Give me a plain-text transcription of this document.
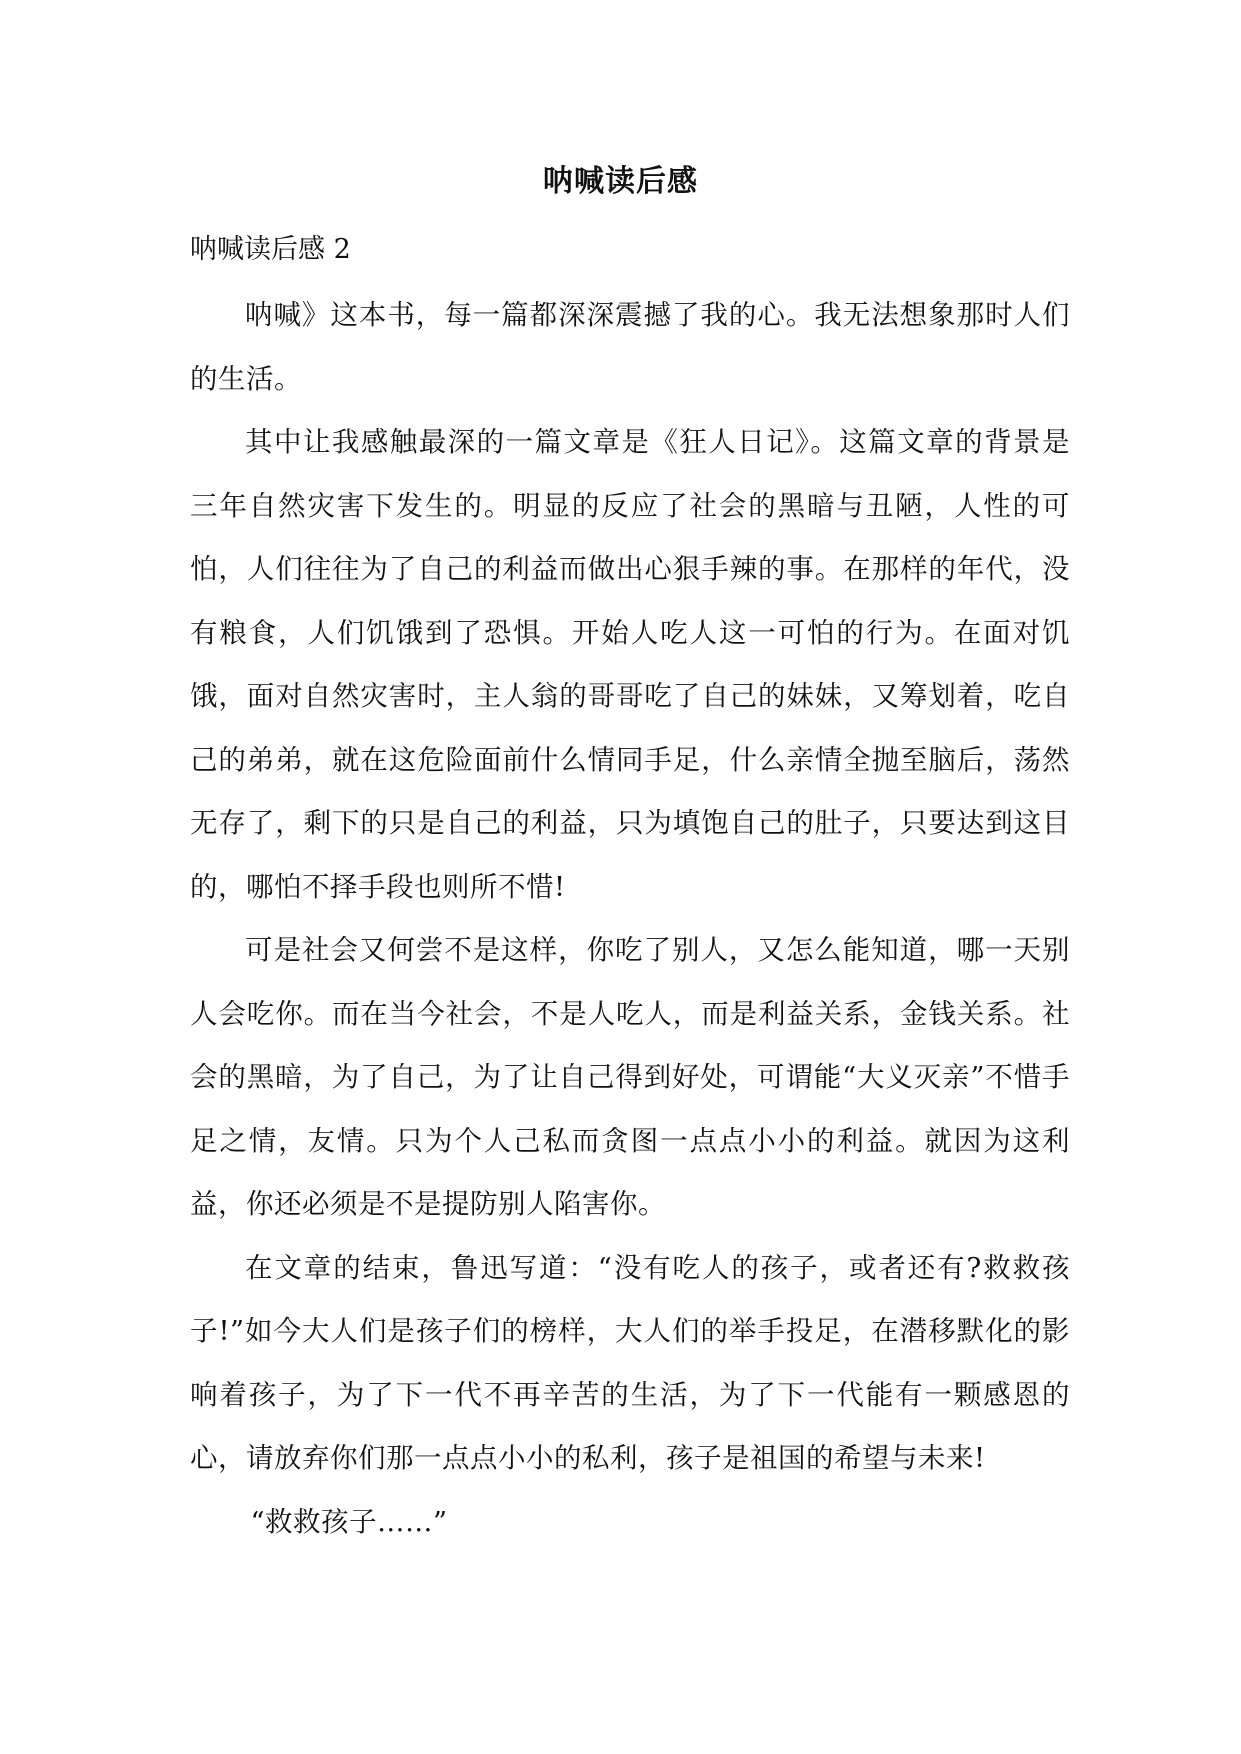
呐喊读后感
呐喊读后感 2

呐喊》这本书，每一篇都深深震撼了我的心。我无法想象那时人们的生活。

其中让我感触最深的一篇文章是《狂人日记》。这篇文章的背景是三年自然灾害下发生的。明显的反应了社会的黑暗与丑陋，人性的可怕，人们往往为了自己的利益而做出心狠手辣的事。在那样的年代，没有粮食，人们饥饿到了恐惧。开始人吃人这一可怕的行为。在面对饥饿，面对自然灾害时，主人翁的哥哥吃了自己的妹妹，又筹划着，吃自己的弟弟，就在这危险面前什么情同手足，什么亲情全抛至脑后，荡然无存了，剩下的只是自己的利益，只为填饱自己的肚子，只要达到这目的，哪怕不择手段也则所不惜!

可是社会又何尝不是这样，你吃了别人，又怎么能知道，哪一天别人会吃你。而在当今社会，不是人吃人，而是利益关系，金钱关系。社会的黑暗，为了自己，为了让自己得到好处，可谓能“大义灭亲”不惜手足之情，友情。只为个人己私而贪图一点点小小的利益。就因为这利益，你还必须是不是提防别人陷害你。

在文章的结束，鲁迅写道：“没有吃人的孩子，或者还有?救救孩子!”如今大人们是孩子们的榜样，大人们的举手投足，在潜移默化的影响着孩子，为了下一代不再辛苦的生活，为了下一代能有一颗感恩的心，请放弃你们那一点点小小的私利，孩子是祖国的希望与未来!

“救救孩子……”
